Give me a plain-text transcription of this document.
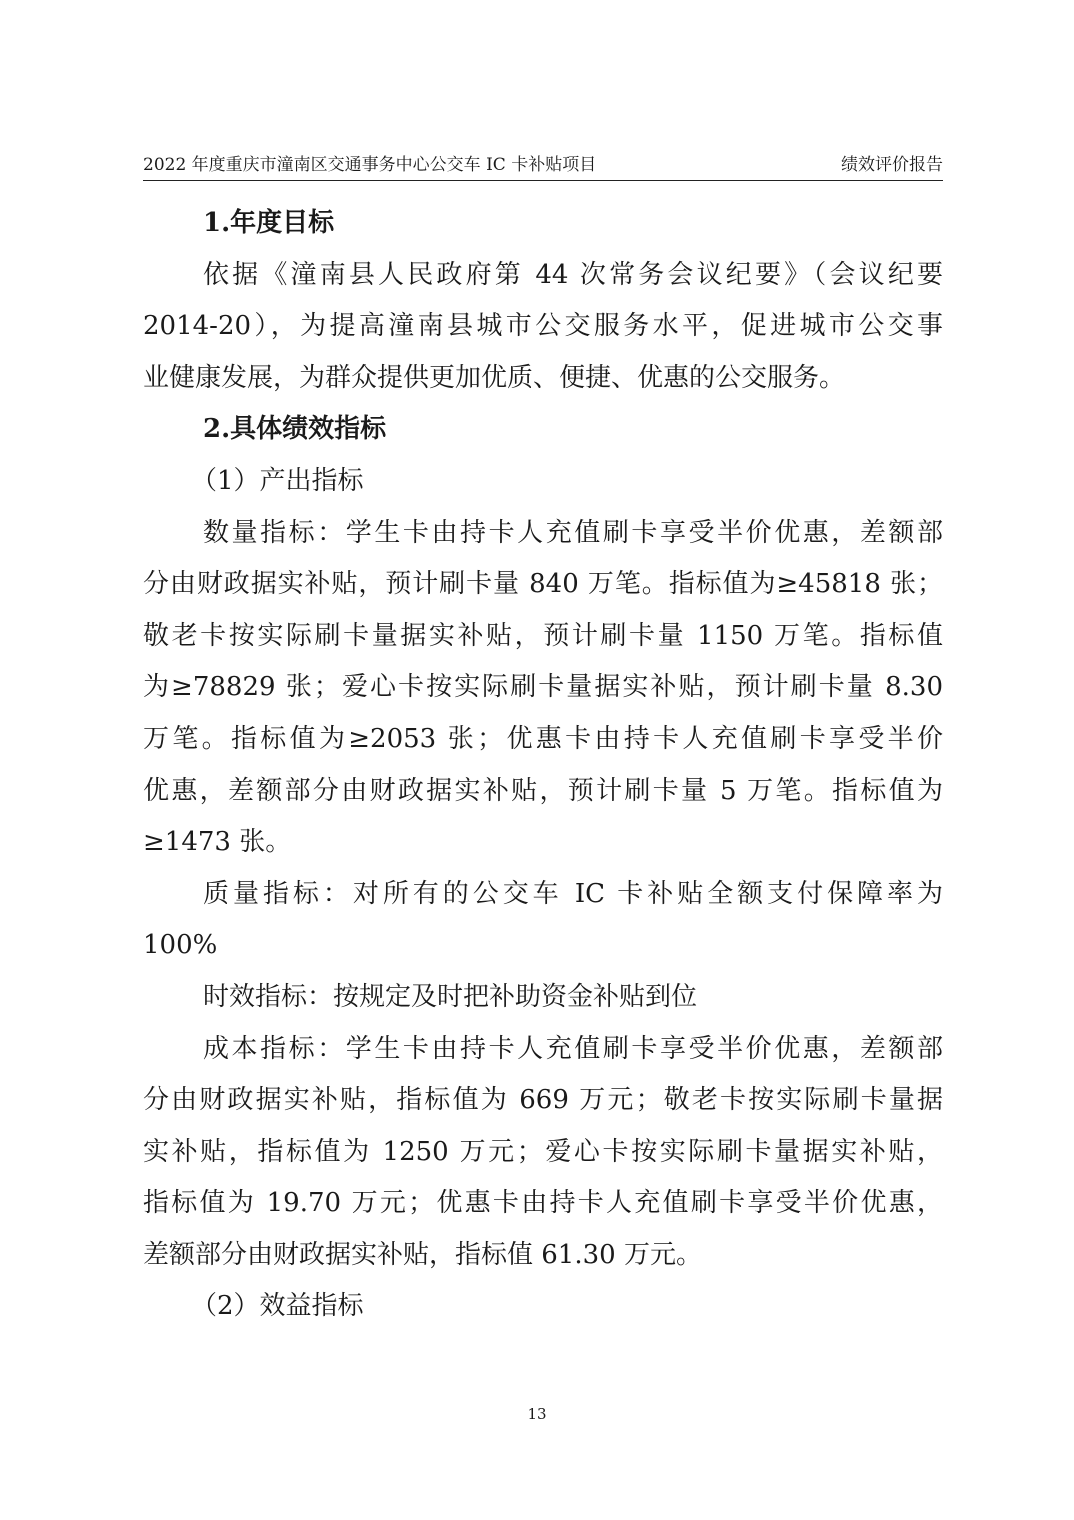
2022 年度重庆市潼南区交通事务中心公交车 IC 卡补贴项目	绩效评价报告
1.年度目标
依据《潼南县人民政府第 44 次常务会议纪要》（会议纪要
2014-20），为提高潼南县城市公交服务水平，促进城市公交事
业健康发展，为群众提供更加优质、便捷、优惠的公交服务。
2.具体绩效指标
（1）产出指标
数量指标：学生卡由持卡人充值刷卡享受半价优惠，差额部
分由财政据实补贴，预计刷卡量 840 万笔。指标值为≥45818 张；
敬老卡按实际刷卡量据实补贴，预计刷卡量 1150 万笔。指标值
为≥78829 张；爱心卡按实际刷卡量据实补贴，预计刷卡量 8.30
万笔。指标值为≥2053 张；优惠卡由持卡人充值刷卡享受半价
优惠，差额部分由财政据实补贴，预计刷卡量 5 万笔。指标值为
≥1473 张。
质量指标：对所有的公交车 IC 卡补贴全额支付保障率为
100%
时效指标：按规定及时把补助资金补贴到位
成本指标：学生卡由持卡人充值刷卡享受半价优惠，差额部
分由财政据实补贴，指标值为 669 万元；敬老卡按实际刷卡量据
实补贴，指标值为 1250 万元；爱心卡按实际刷卡量据实补贴，
指标值为 19.70 万元；优惠卡由持卡人充值刷卡享受半价优惠，
差额部分由财政据实补贴，指标值 61.30 万元。
（2）效益指标
13
